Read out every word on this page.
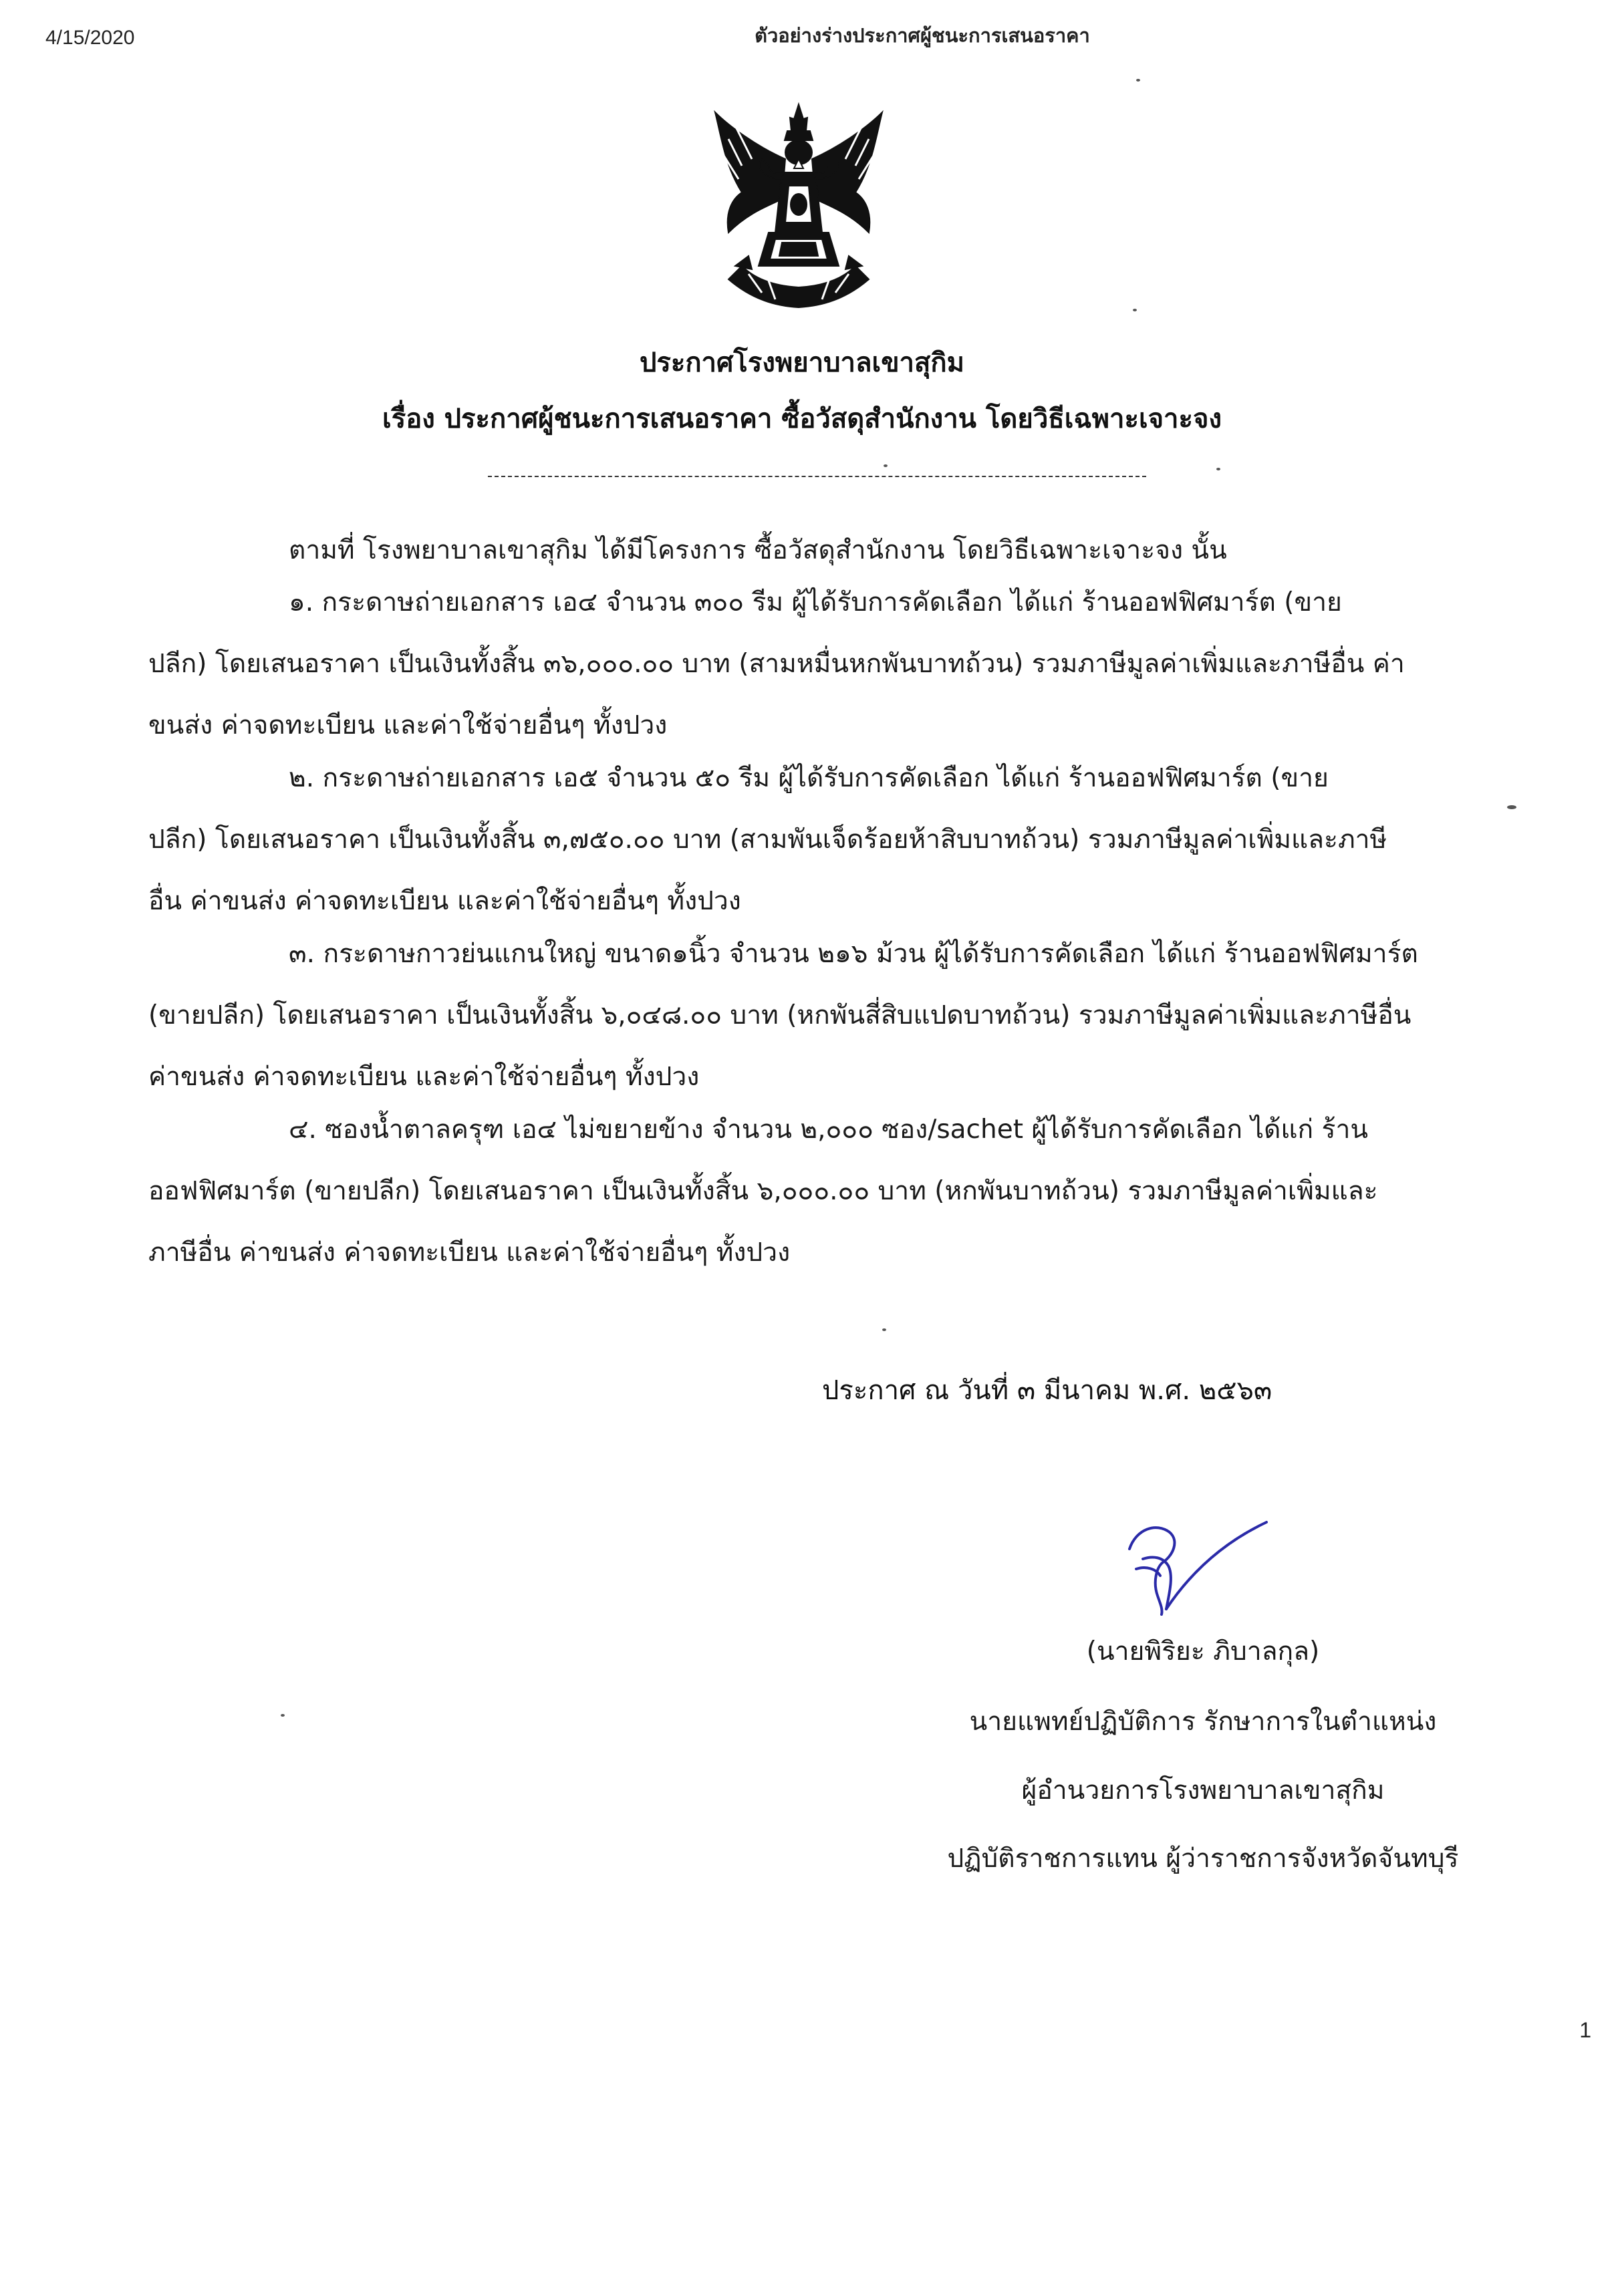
4/15/2020	ตัวอย่างร่างประกาศผู้ชนะการเสนอราคา
1
ประกาศโรงพยาบาลเขาสุกิม
เรื่อง ประกาศผู้ชนะการเสนอราคา ซื้อวัสดุสำนักงาน โดยวิธีเฉพาะเจาะจง
ตามที่ โรงพยาบาลเขาสุกิม ได้มีโครงการ ซื้อวัสดุสำนักงาน โดยวิธีเฉพาะเจาะจง นั้น
๑. กระดาษถ่ายเอกสาร เอ๔ จำนวน ๓๐๐ รีม ผู้ได้รับการคัดเลือก ได้แก่ ร้านออฟฟิศมาร์ต (ขาย
ปลีก) โดยเสนอราคา เป็นเงินทั้งสิ้น ๓๖,๐๐๐.๐๐ บาท (สามหมื่นหกพันบาทถ้วน) รวมภาษีมูลค่าเพิ่มและภาษีอื่น ค่า
ขนส่ง ค่าจดทะเบียน และค่าใช้จ่ายอื่นๆ ทั้งปวง
๒. กระดาษถ่ายเอกสาร เอ๕ จำนวน ๕๐ รีม ผู้ได้รับการคัดเลือก ได้แก่ ร้านออฟฟิศมาร์ต (ขาย
ปลีก) โดยเสนอราคา เป็นเงินทั้งสิ้น ๓,๗๕๐.๐๐ บาท (สามพันเจ็ดร้อยห้าสิบบาทถ้วน) รวมภาษีมูลค่าเพิ่มและภาษี
อื่น ค่าขนส่ง ค่าจดทะเบียน และค่าใช้จ่ายอื่นๆ ทั้งปวง
๓. กระดาษกาวย่นแกนใหญ่ ขนาด๑นิ้ว จำนวน ๒๑๖ ม้วน ผู้ได้รับการคัดเลือก ได้แก่ ร้านออฟฟิศมาร์ต
(ขายปลีก) โดยเสนอราคา เป็นเงินทั้งสิ้น ๖,๐๔๘.๐๐ บาท (หกพันสี่สิบแปดบาทถ้วน) รวมภาษีมูลค่าเพิ่มและภาษีอื่น
ค่าขนส่ง ค่าจดทะเบียน และค่าใช้จ่ายอื่นๆ ทั้งปวง
๔. ซองน้ำตาลครุฑ เอ๔ ไม่ขยายข้าง จำนวน ๒,๐๐๐ ซอง/sachet ผู้ได้รับการคัดเลือก ได้แก่ ร้าน
ออฟฟิศมาร์ต (ขายปลีก) โดยเสนอราคา เป็นเงินทั้งสิ้น ๖,๐๐๐.๐๐ บาท (หกพันบาทถ้วน) รวมภาษีมูลค่าเพิ่มและ
ภาษีอื่น ค่าขนส่ง ค่าจดทะเบียน และค่าใช้จ่ายอื่นๆ ทั้งปวง
ประกาศ ณ วันที่ ๓ มีนาคม พ.ศ. ๒๕๖๓
(นายพิริยะ ภิบาลกุล)
นายแพทย์ปฏิบัติการ รักษาการในตำแหน่ง
ผู้อำนวยการโรงพยาบาลเขาสุกิม
ปฏิบัติราชการแทน ผู้ว่าราชการจังหวัดจันทบุรี
